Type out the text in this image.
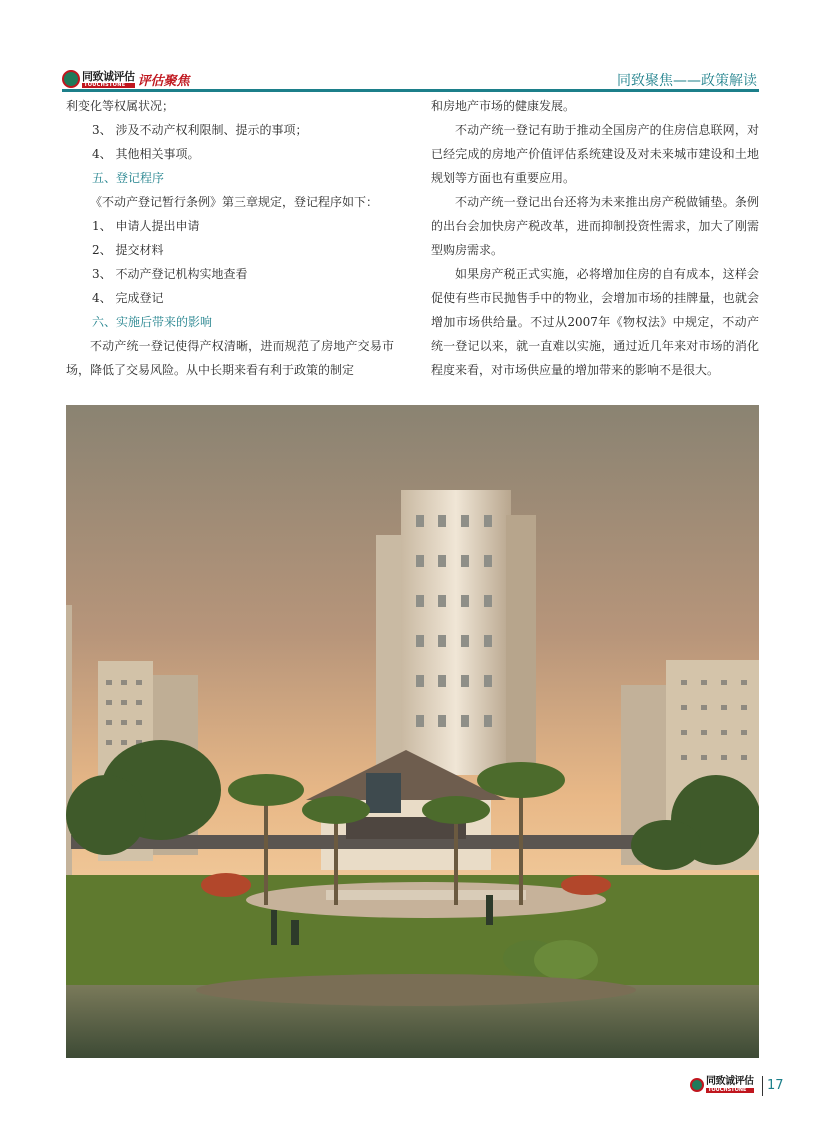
同致诚评估
TOUCHSTONE 评估聚焦	同致聚焦——政策解读

利变化等权属状况；

3、 涉及不动产权利限制、提示的事项；

4、 其他相关事项。

五、登记程序

《不动产登记暂行条例》第三章规定，登记程序如下：

1、 申请人提出申请

2、 提交材料

3、 不动产登记机构实地查看

4、 完成登记

六、实施后带来的影响

不动产统一登记使得产权清晰，进而规范了房地产交易市场，降低了交易风险。从中长期来看有利于政策的制定

和房地产市场的健康发展。

不动产统一登记有助于推动全国房产的住房信息联网，对已经完成的房地产价值评估系统建设及对未来城市建设和土地规划等方面也有重要应用。

不动产统一登记出台还将为未来推出房产税做铺垫。条例的出台会加快房产税改革，进而抑制投资性需求，加大了刚需型购房需求。

如果房产税正式实施，必将增加住房的自有成本，这样会促使有些市民抛售手中的物业，会增加市场的挂牌量，也就会增加市场供给量。不过从2007年《物权法》中规定，不动产统一登记以来，就一直难以实施，通过近几年来对市场的消化程度来看，对市场供应量的增加带来的影响不是很大。

同致诚评估
TOUCHSTONE	17
